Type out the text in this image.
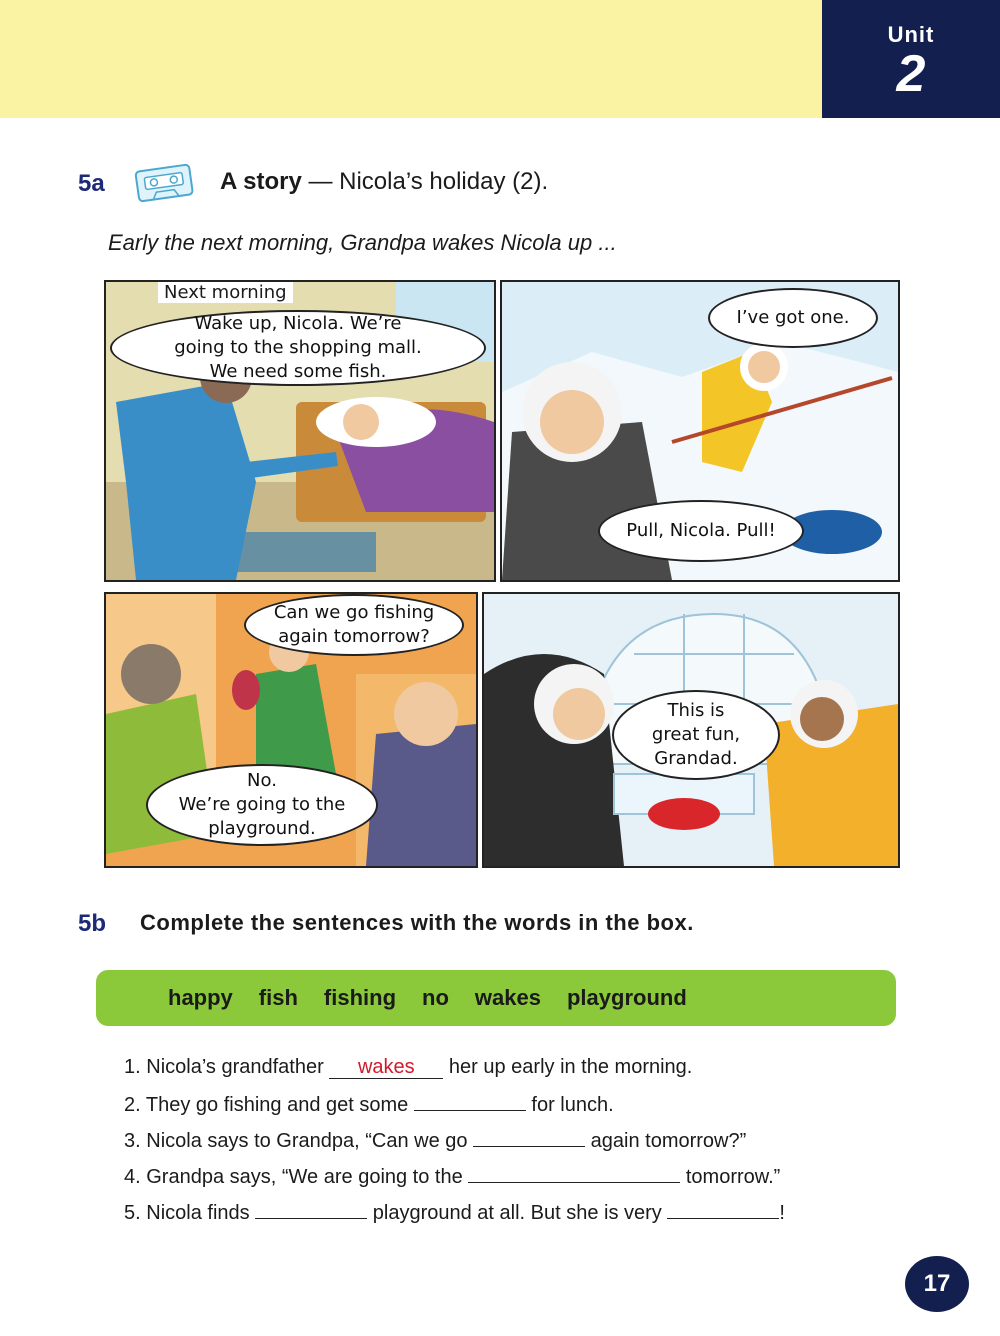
Unit
2
5a	A story — Nicola’s holiday (2).
Early the next morning, Grandpa wakes Nicola up ...
Next morning
Wake up, Nicola. We’re
going to the shopping mall.
We need some fish.
I’ve got one.
Pull, Nicola. Pull!
Can we go fishing
again tomorrow?
No.
We’re going to the
playground.
This is
great fun,
Grandad.
5b Complete the sentences with the words in the box.
happy fish fishing no wakes playground
1. Nicola’s grandfather wakes her up early in the morning.
2. They go fishing and get some	for lunch.
3. Nicola says to Grandpa, “Can we go	again tomorrow?”
4. Grandpa says, “We are going to the	tomorrow.”
5. Nicola finds	playground at all. But she is very	!
17
